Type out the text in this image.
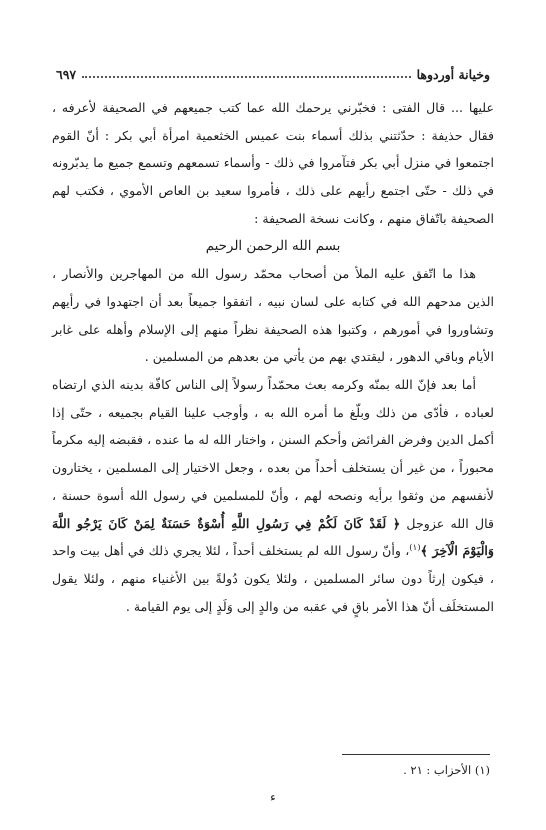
وخيانة أوردوها
٦٩٧

عليها ... قال الفتى : فخبّرني يرحمك الله عما كتب جميعهم في الصحيفة لأعرفه ، فقال حذيفة : حدّثتني بذلك أسماء بنت عميس الخثعمية امرأة أبي بكر : أنّ القوم اجتمعوا في منزل أبي بكر فتآمروا في ذلك - وأسماء تسمعهم وتسمع جميع ما يدبّرونه في ذلك - حتّى اجتمع رأيهم على ذلك ، فأمروا سعيد بن العاص الأموي ، فكتب لهم الصحيفة باتّفاق منهم ، وكانت نسخة الصحيفة :

بسم الله الرحمن الرحيم

هذا ما اتّفق عليه الملأ من أصحاب محمّد رسول الله من المهاجرين والأنصار ، الذين مدحهم الله في كتابه على لسان نبيه ، اتفقوا جميعاً بعد أن اجتهدوا في رأيهم وتشاوروا في أمورهم ، وكتبوا هذه الصحيفة نظراً منهم إلى الإسلام وأهله على غابر الأيام وباقي الدهور ، ليقتدي بهم من يأتي من بعدهم من المسلمين .

أما بعد فإنّ الله بمنّه وكرمه بعث محمّداً رسولاً إلى الناس كافّة بدينه الذي ارتضاه لعباده ، فأدّى من ذلك وبلّغ ما أمره الله به ، وأوجب علينا القيام بجميعه ، حتّى إذا أكمل الدين وفرض الفرائض وأحكم السنن ، واختار الله له ما عنده ، فقبضه إليه مكرماً محبوراً ، من غير أن يستخلف أحداً من بعده ، وجعل الاختيار إلى المسلمين ، يختارون لأنفسهم من وثقوا برأيه ونصحه لهم ، وأنّ للمسلمين في رسول الله أسوة حسنة ، قال الله عزوجل ﴿ لَقَدْ كَانَ لَكُمْ فِي رَسُولِ اللَّهِ أُسْوَةٌ حَسَنَةٌ لِمَنْ كَانَ يَرْجُو اللَّهَ وَالْيَوْمَ الْآخِرَ ﴾$^{(١)}$، وأنّ رسول الله لم يستخلف أحداً ، لئلا يجري ذلك في أهل بيت واحد ، فيكون إرثاً دون سائر المسلمين ، ولئلا يكون دُولةً بين الأغنياء منهم ، ولئلا يقول المستخلَف أنّ هذا الأمر باقٍ في عقبه من والدٍ إلى وَلَدٍ إلى يوم القيامة .

(١) الأحزاب : ٢١ .
ء
